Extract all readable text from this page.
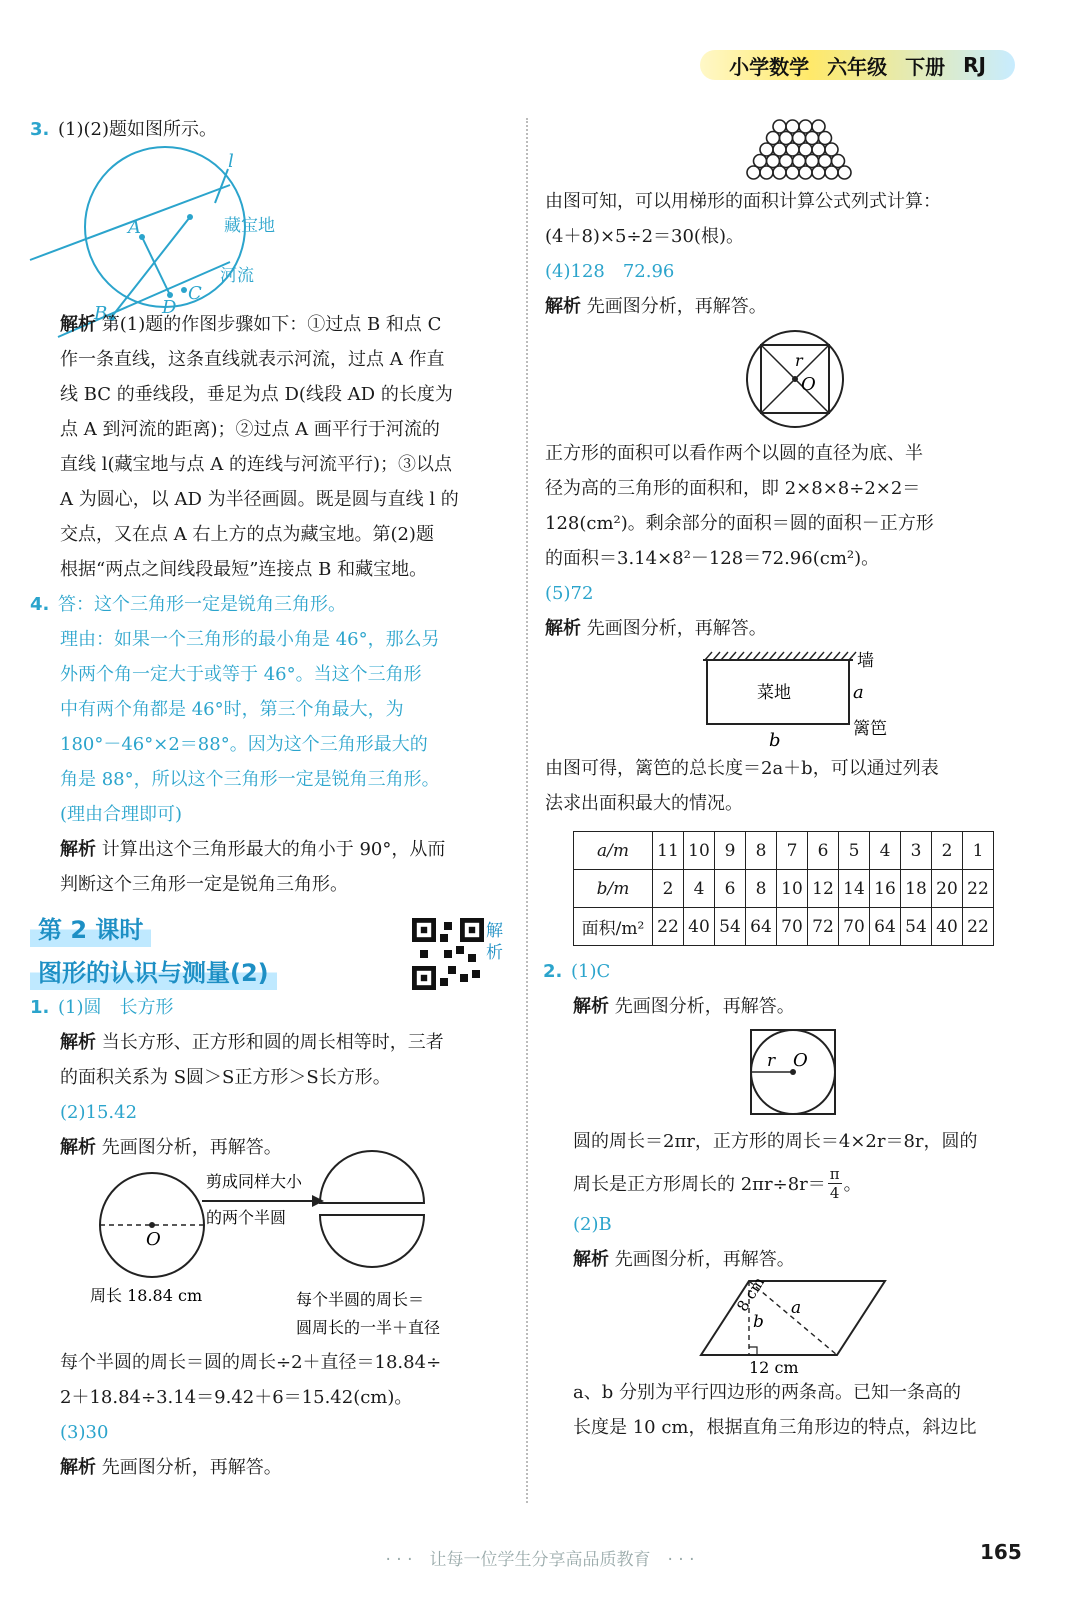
小学数学 六年级 下册 RJ
3. (1)(2)题如图所示。
l
A
B
C
D
藏宝地
河流
解析 第(1)题的作图步骤如下：①过点 B 和点 C
作一条直线，这条直线就表示河流，过点 A 作直
线 BC 的垂线段，垂足为点 D(线段 AD 的长度为
点 A 到河流的距离)；②过点 A 画平行于河流的
直线 l(藏宝地与点 A 的连线与河流平行)；③以点
A 为圆心，以 AD 为半径画圆。既是圆与直线 l 的
交点，又在点 A 右上方的点为藏宝地。第(2)题
根据“两点之间线段最短”连接点 B 和藏宝地。
4. 答：这个三角形一定是锐角三角形。
理由：如果一个三角形的最小角是 46°，那么另
外两个角一定大于或等于 46°。当这个三角形
中有两个角都是 46°时，第三个角最大，为
180°－46°×2＝88°。因为这个三角形最大的
角是 88°，所以这个三角形一定是锐角三角形。
(理由合理即可)
解析 计算出这个三角形最大的角小于 90°，从而
判断这个三角形一定是锐角三角形。
第 2 课时
图形的认识与测量(2)
1. (1)圆　长方形
解析 当长方形、正方形和圆的周长相等时，三者
的面积关系为 S圆＞S正方形＞S长方形。
(2)15.42
解析 先画图分析，再解答。
O
剪成同样大小
的两个半圆
周长 18.84 cm	每个半圆的周长＝
圆周长的一半＋直径
每个半圆的周长＝圆的周长÷2＋直径＝18.84÷
2＋18.84÷3.14＝9.42＋6＝15.42(cm)。
(3)30
解析 先画图分析，再解答。
解析
由图可知，可以用梯形的面积计算公式列式计算：
(4＋8)×5÷2＝30(根)。
(4)128　72.96
解析 先画图分析，再解答。
r
O
正方形的面积可以看作两个以圆的直径为底、半
径为高的三角形的面积和，即 2×8×8÷2×2＝
128(cm²)。剩余部分的面积＝圆的面积－正方形
的面积＝3.14×8²－128＝72.96(cm²)。
(5)72
解析 先画图分析，再解答。
墙
菜地	a
b
篱笆
由图可得，篱笆的总长度＝2a＋b，可以通过列表
法求出面积最大的情况。
a/m	11	10	9	8	7	6	5	4	3	2	1
b/m	2	4	6	8	10	12	14	16	18	20	22
面积/m²	22	40	54	64	70	72	70	64	54	40	22
2. (1)C
解析 先画图分析，再解答。
r O
圆的周长＝2πr，正方形的周长＝4×2r＝8r，圆的
周长是正方形周长的 $2\pi r\div 8r= \frac{\pi}{4}$ 。
(2)B
解析 先画图分析，再解答。
b
a
8 cm
12 cm
a、b 分别为平行四边形的两条高。已知一条高的
长度是 10 cm，根据直角三角形边的特点，斜边比
· · ·　让每一位学生分享高品质教育　· · ·	165
